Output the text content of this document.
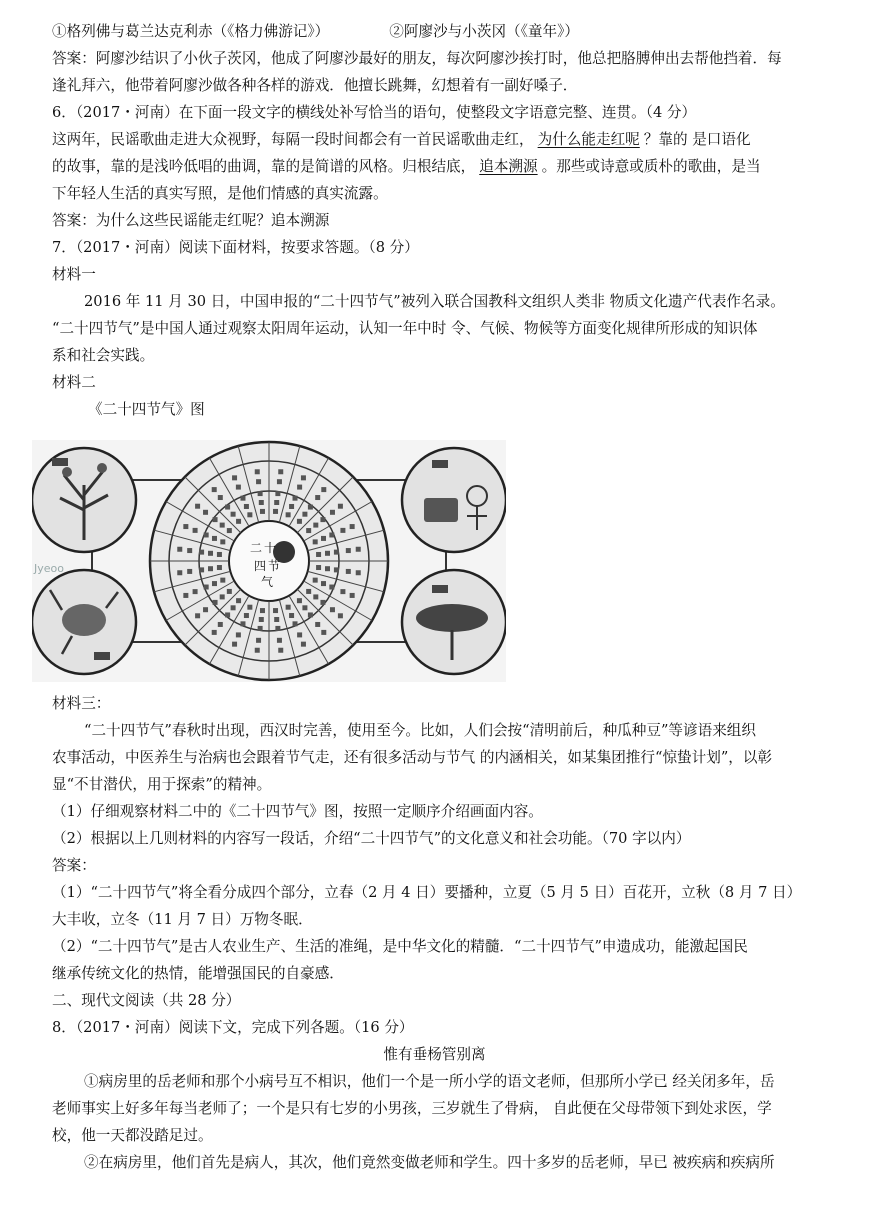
①格列佛与葛兰达克利赤（《格力佛游记》）	②阿廖沙与小茨冈（《童年》）
答案：阿廖沙结识了小伙子茨冈，他成了阿廖沙最好的朋友，每次阿廖沙挨打时，他总把胳膊伸出去帮他挡着．每
逢礼拜六，他带着阿廖沙做各种各样的游戏．他擅长跳舞，幻想着有一副好嗓子．
6．（2017・河南）在下面一段文字的横线处补写恰当的语句，使整段文字语意完整、连贯。（4 分）
这两年，民谣歌曲走进大众视野，每隔一段时间都会有一首民谣歌曲走红， 为什么能走红呢 ？靠的 是口语化
的故事，靠的是浅吟低唱的曲调，靠的是简谱的风格。归根结底， 追本溯源 。那些或诗意或质朴的歌曲，是当
下年轻人生活的真实写照，是他们情感的真实流露。
答案：为什么这些民谣能走红呢？追本溯源
7．（2017・河南）阅读下面材料，按要求答题。（8 分）
材料一
2016 年 11 月 30 日，中国申报的“二十四节气”被列入联合国教科文组织人类非 物质文化遗产代表作名录。
“二十四节气”是中国人通过观察太阳周年运动，认知一年中时 令、气候、物候等方面变化规律所形成的知识体
系和社会实践。
材料二
《二十四节气》图
二 十
四 节
气
Jyeoo
材料三：
“二十四节气”春秋时出现，西汉时完善，使用至今。比如，人们会按“清明前后，种瓜种豆”等谚语来组织
农事活动，中医养生与治病也会跟着节气走，还有很多活动与节气 的内涵相关，如某集团推行“惊蛰计划”，以彰
显“不甘潜伏，用于探索”的精神。
（1）仔细观察材料二中的《二十四节气》图，按照一定顺序介绍画面内容。
（2）根据以上几则材料的内容写一段话，介绍“二十四节气”的文化意义和社会功能。（70 字以内）
答案：
（1）“二十四节气”将全看分成四个部分，立春（2 月 4 日）要播种，立夏（5 月 5 日）百花开，立秋（8 月 7 日）
大丰收，立冬（11 月 7 日）万物冬眠．
（2）“二十四节气”是古人农业生产、生活的准绳，是中华文化的精髓．“二十四节气”申遗成功，能激起国民
继承传统文化的热情，能增强国民的自豪感．
二、现代文阅读（共 28 分）
8．（2017・河南）阅读下文，完成下列各题。（16 分）
惟有垂杨管别离
①病房里的岳老师和那个小病号互不相识，他们一个是一所小学的语文老师，但那所小学已 经关闭多年，岳
老师事实上好多年每当老师了；一个是只有七岁的小男孩，三岁就生了骨病， 自此便在父母带领下到处求医，学
校，他一天都没踏足过。
②在病房里，他们首先是病人，其次，他们竟然变做老师和学生。四十多岁的岳老师，早已 被疾病和疾病所
